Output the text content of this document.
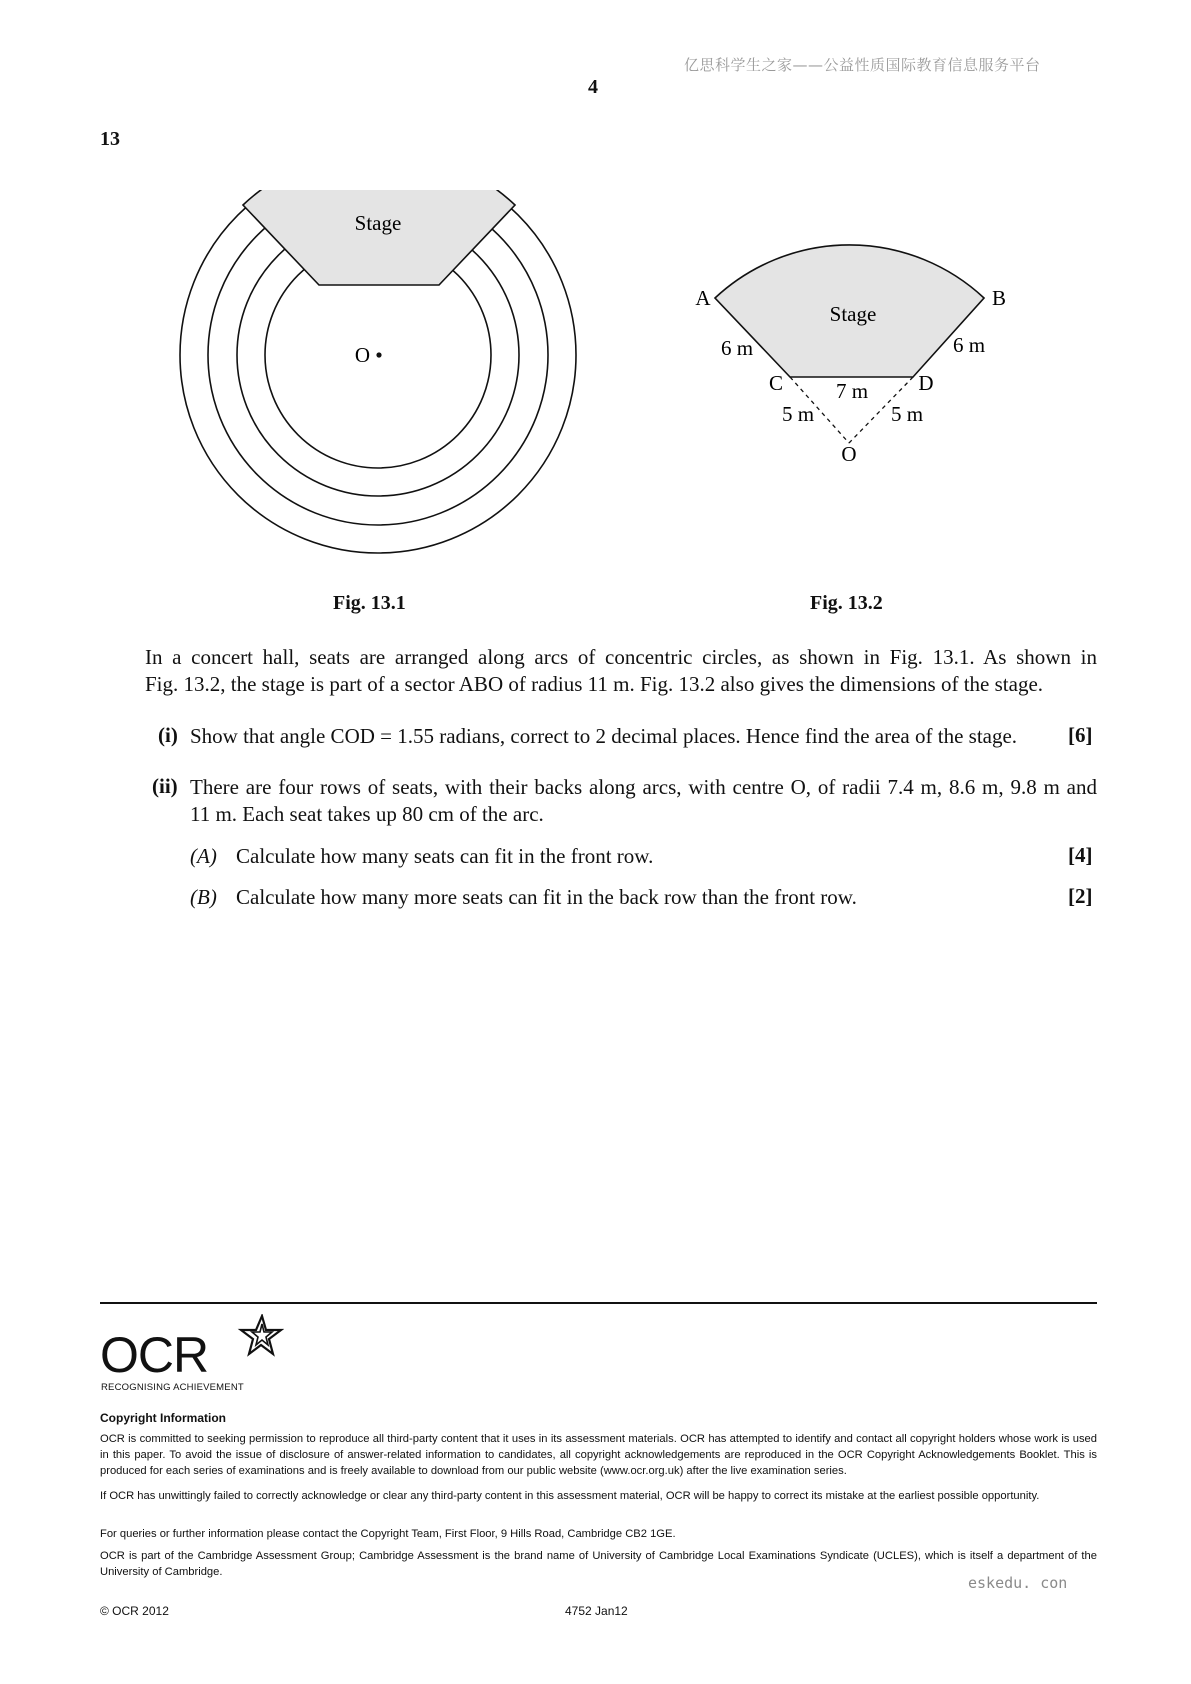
亿思科学生之家——公益性质国际教育信息服务平台
4
13
Stage
O
Fig. 13.1
A	B
C	D
O
Stage
6 m	6 m
7 m
5 m	5 m
Fig. 13.2
In a concert hall, seats are arranged along arcs of concentric circles, as shown in Fig. 13.1. As shown in
Fig. 13.2, the stage is part of a sector ABO of radius 11 m. Fig. 13.2 also gives the dimensions of the stage.
(i) Show that angle COD = 1.55 radians, correct to 2 decimal places. Hence find the area of the stage. [6]
(ii) There are four rows of seats, with their backs along arcs, with centre O, of radii 7.4 m, 8.6 m, 9.8 m and
11 m. Each seat takes up 80 cm of the arc.
(A) Calculate how many seats can fit in the front row.	[4]
(B) Calculate how many more seats can fit in the back row than the front row.	[2]
OCR
RECOGNISING ACHIEVEMENT
Copyright Information
OCR is committed to seeking permission to reproduce all third-party content that it uses in its assessment materials. OCR has attempted to identify and contact all copyright holders whose work is used in this paper. To avoid the issue of disclosure of answer-related information to candidates, all copyright acknowledgements are reproduced in the OCR Copyright Acknowledgements Booklet. This is produced for each series of examinations and is freely available to download from our public website (www.ocr.org.uk) after the live examination series.
If OCR has unwittingly failed to correctly acknowledge or clear any third-party content in this assessment material, OCR will be happy to correct its mistake at the earliest possible opportunity.
For queries or further information please contact the Copyright Team, First Floor, 9 Hills Road, Cambridge CB2 1GE.
OCR is part of the Cambridge Assessment Group; Cambridge Assessment is the brand name of University of Cambridge Local Examinations Syndicate (UCLES), which is itself a department of the University of Cambridge.
eskedu. con
© OCR 2012	4752 Jan12
